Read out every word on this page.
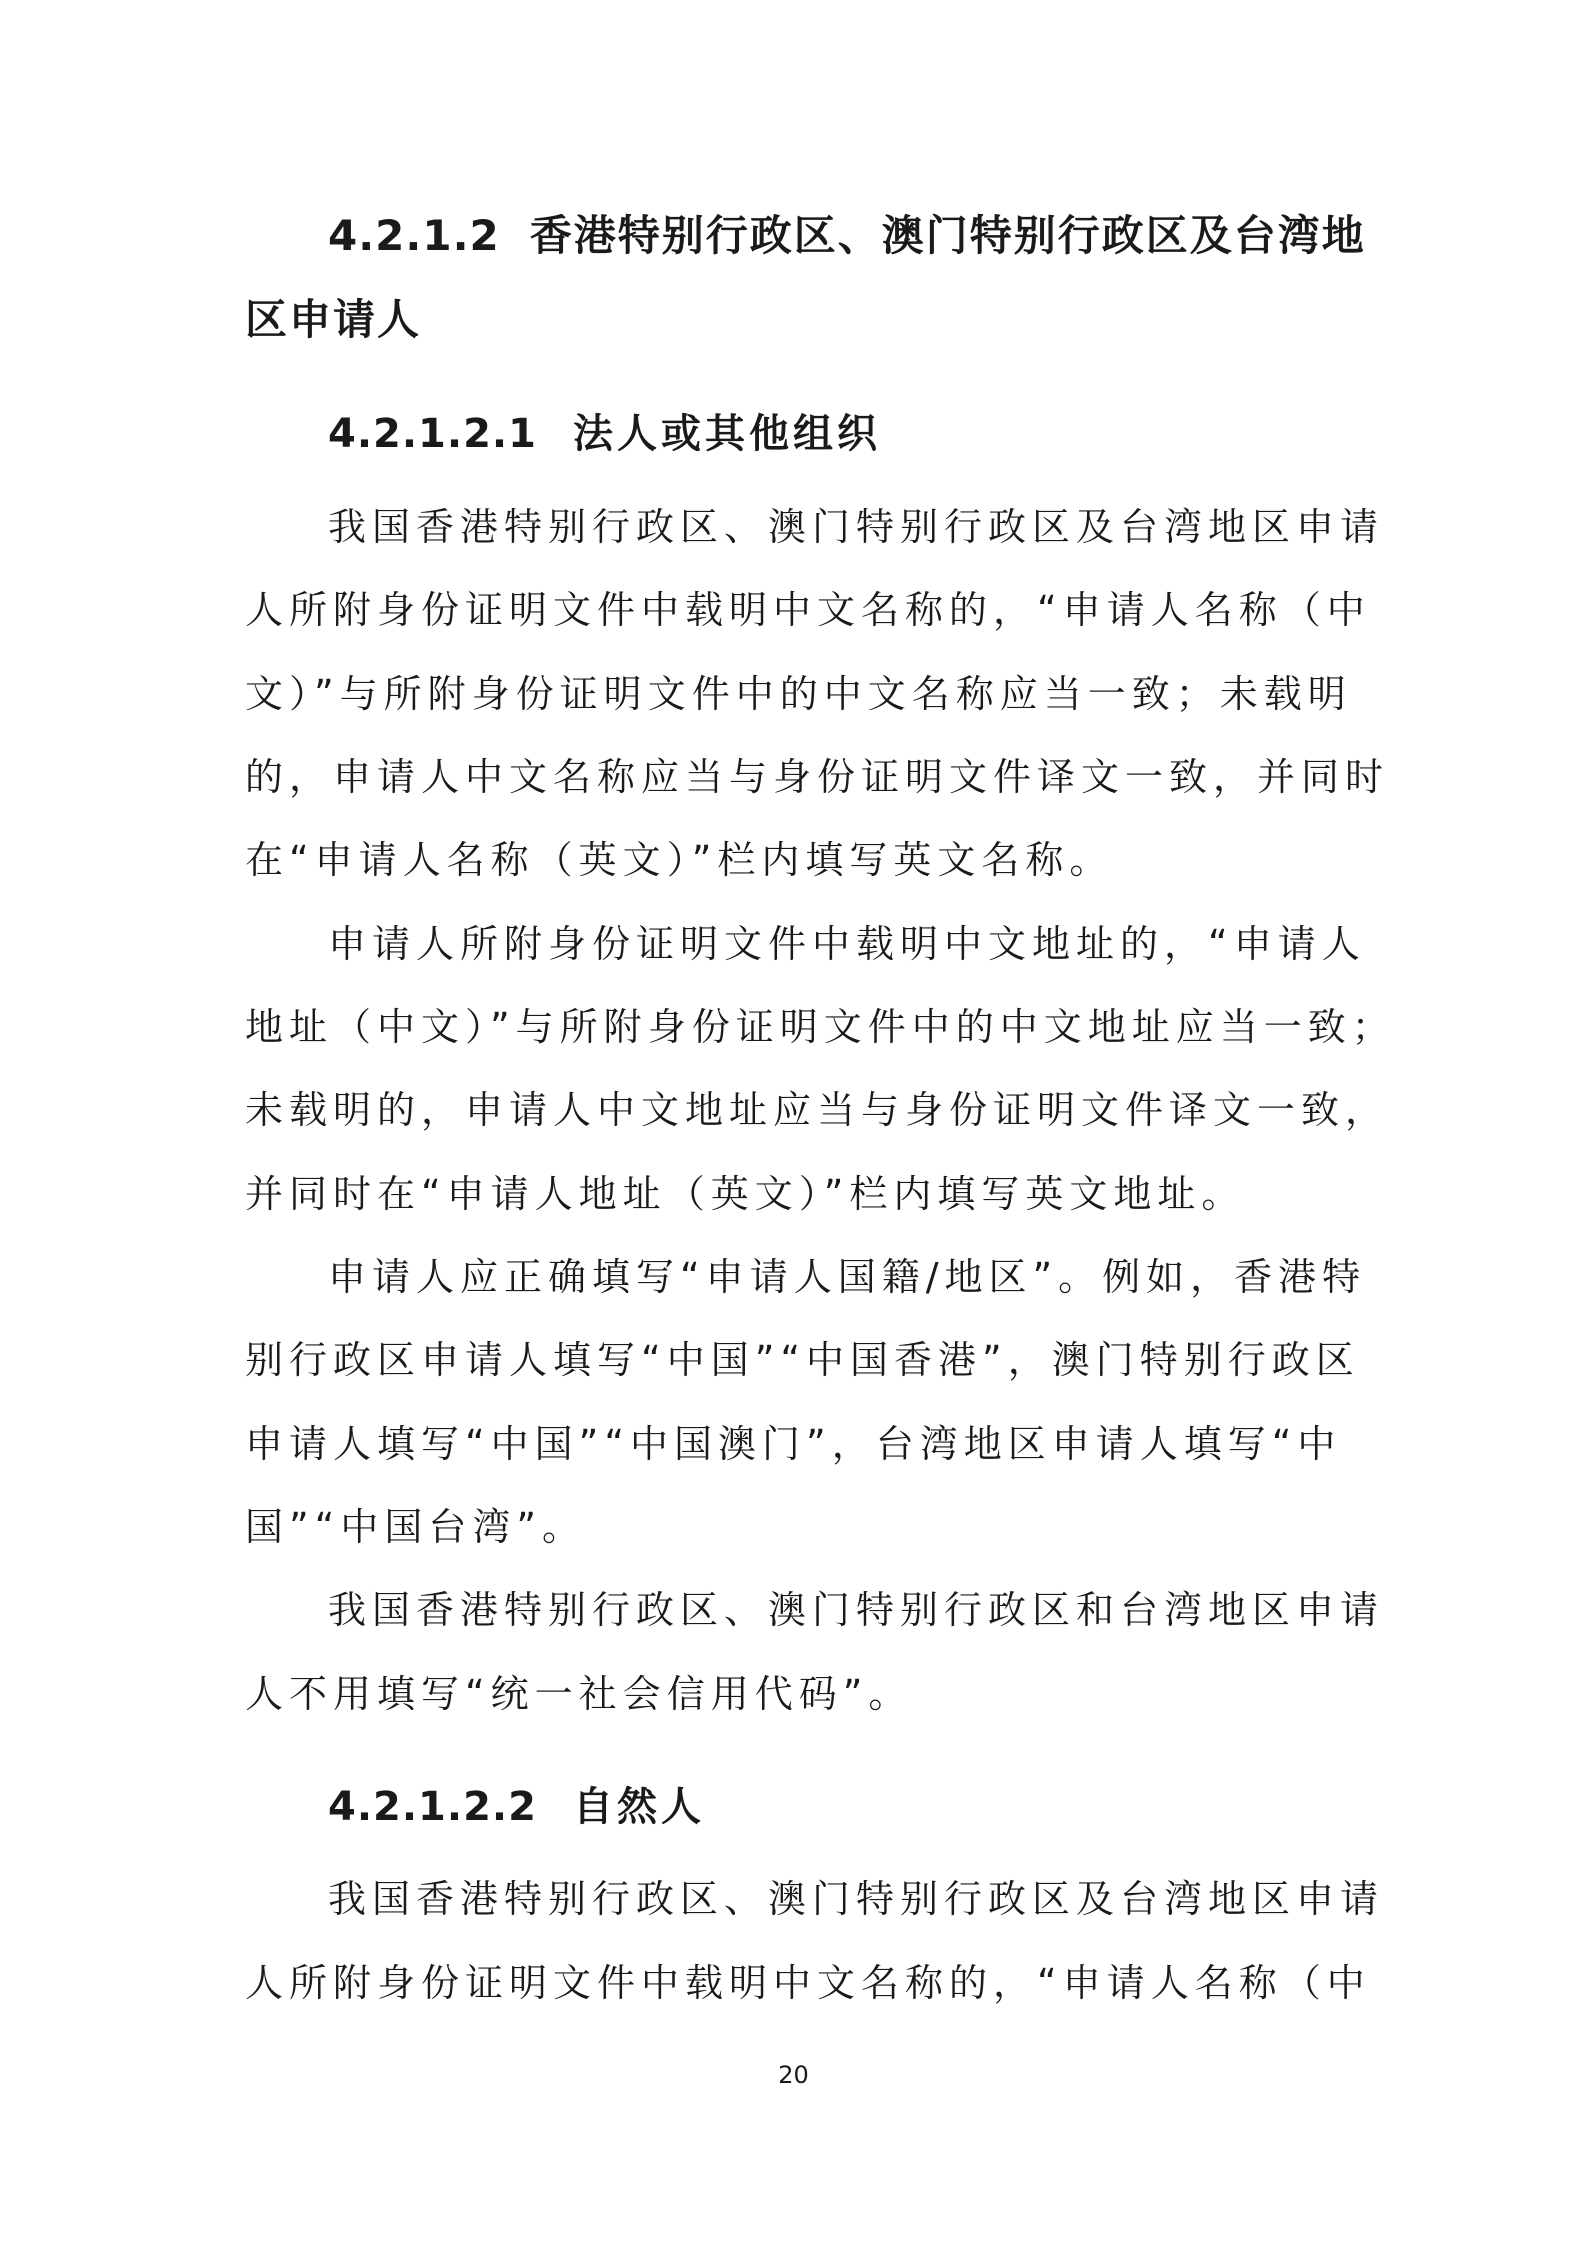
4.2.1.2 香港特别行政区、澳门特别行政区及台湾地
区申请人
4.2.1.2.1 法人或其他组织
我国香港特别行政区、澳门特别行政区及台湾地区申请
人所附身份证明文件中载明中文名称的，“申请人名称（中
文）”与所附身份证明文件中的中文名称应当一致；未载明
的，申请人中文名称应当与身份证明文件译文一致，并同时
在“申请人名称（英文）”栏内填写英文名称。
申请人所附身份证明文件中载明中文地址的，“申请人
地址（中文）”与所附身份证明文件中的中文地址应当一致；
未载明的，申请人中文地址应当与身份证明文件译文一致，
并同时在“申请人地址（英文）”栏内填写英文地址。
申请人应正确填写“申请人国籍/地区”。例如，香港特
别行政区申请人填写“中国”“中国香港”，澳门特别行政区
申请人填写“中国”“中国澳门”，台湾地区申请人填写“中
国”“中国台湾”。
我国香港特别行政区、澳门特别行政区和台湾地区申请
人不用填写“统一社会信用代码”。
4.2.1.2.2 自然人
我国香港特别行政区、澳门特别行政区及台湾地区申请
人所附身份证明文件中载明中文名称的，“申请人名称（中
20
